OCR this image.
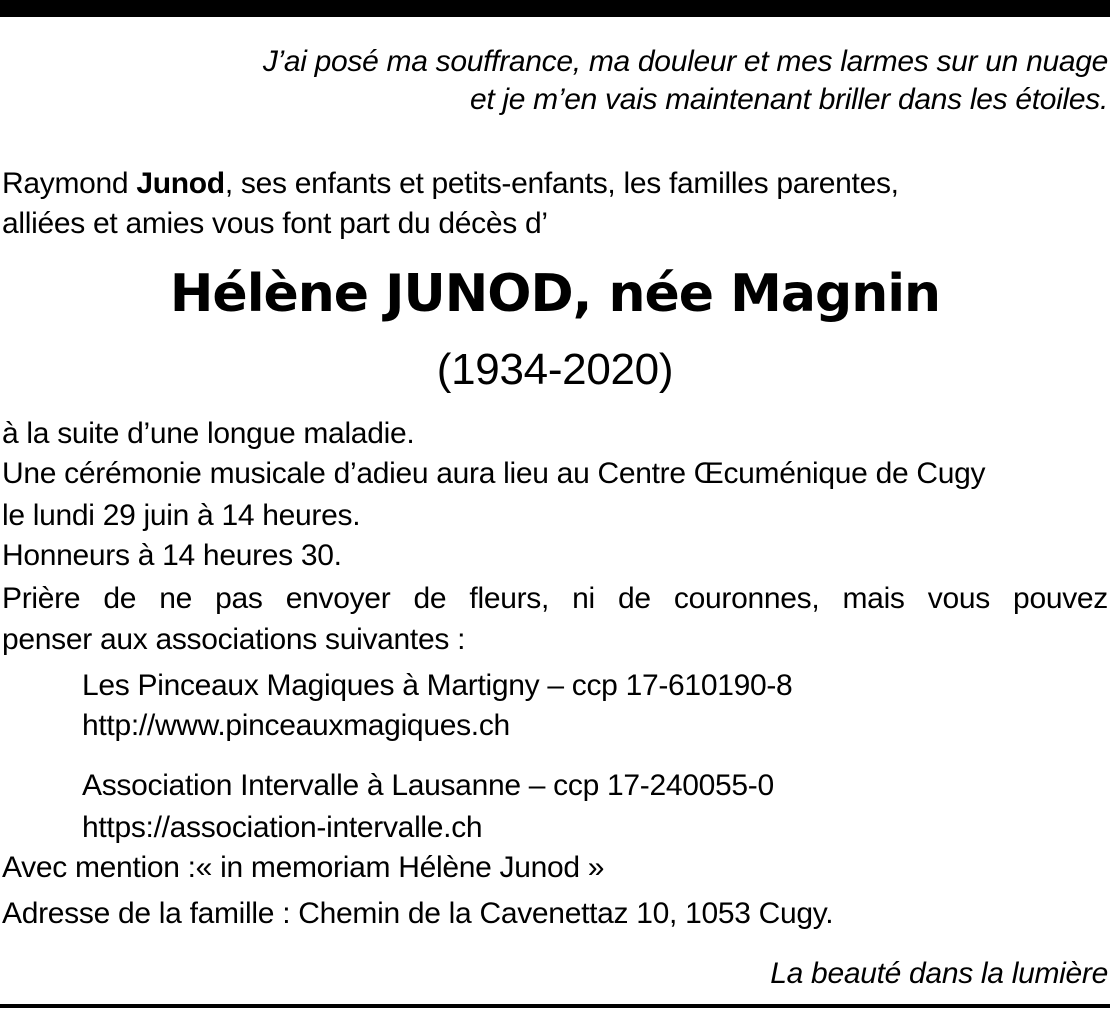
J’ai posé ma souffrance, ma douleur et mes larmes sur un nuage
et je m’en vais maintenant briller dans les étoiles.
Raymond Junod, ses enfants et petits-enfants, les familles parentes,
alliées et amies vous font part du décès d’
Hélène JUNOD, née Magnin
(1934-2020)
à la suite d’une longue maladie.
Une cérémonie musicale d’adieu aura lieu au Centre Œcuménique de Cugy
le lundi 29 juin à 14 heures.
Honneurs à 14 heures 30.
Prière de ne pas envoyer de fleurs, ni de couronnes, mais vous pouvez
penser aux associations suivantes :
Les Pinceaux Magiques à Martigny – ccp 17-610190-8
http://www.pinceauxmagiques.ch
Association Intervalle à Lausanne – ccp 17-240055-0
https://association-intervalle.ch
Avec mention :« in memoriam Hélène Junod »
Adresse de la famille : Chemin de la Cavenettaz 10, 1053 Cugy.
La beauté dans la lumière
